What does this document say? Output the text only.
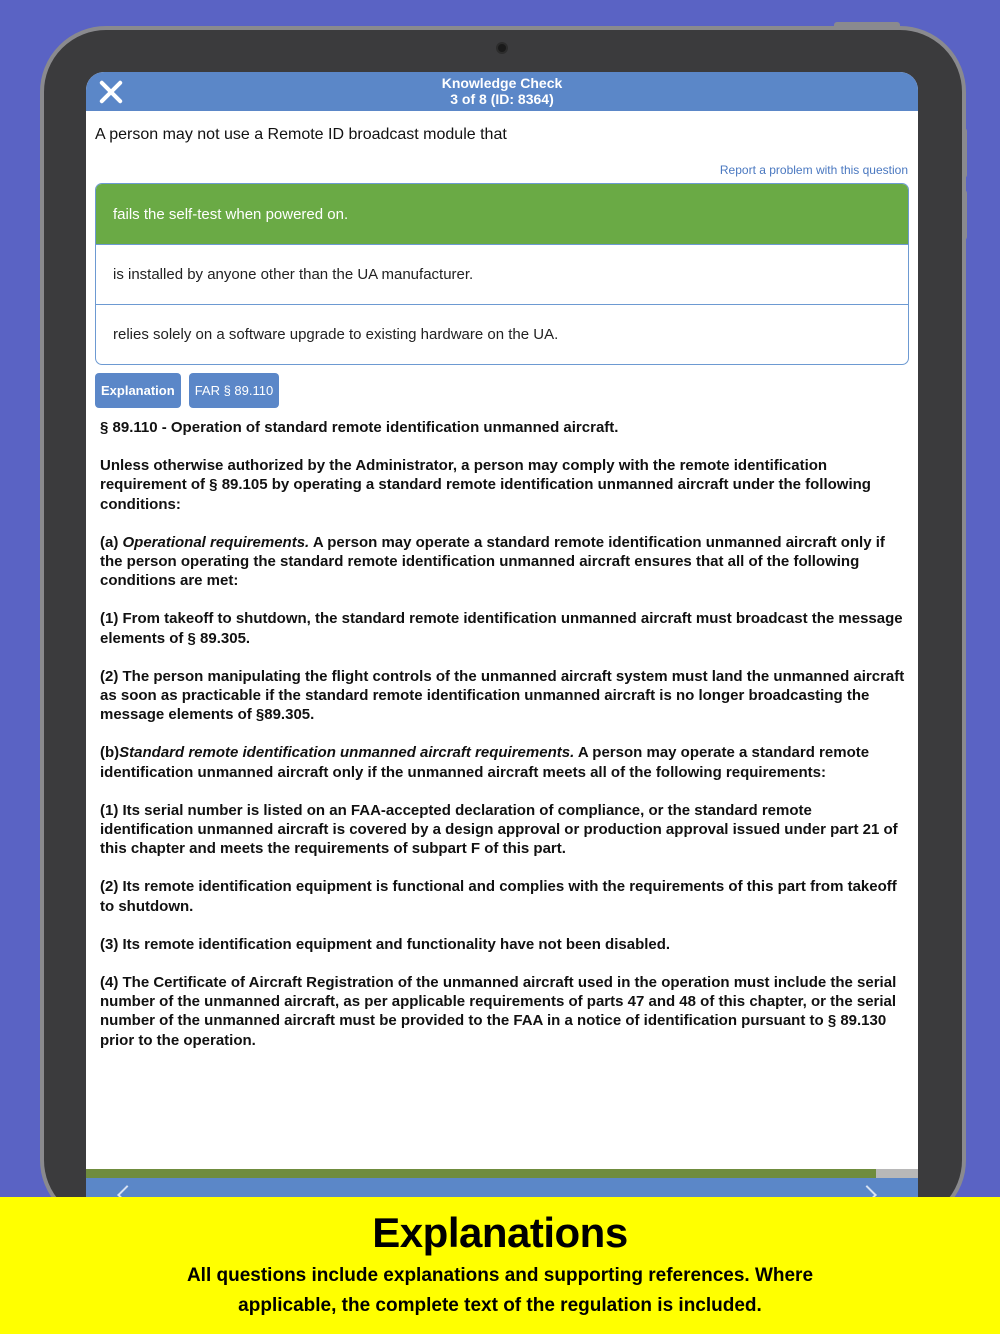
Knowledge Check
3 of 8 (ID: 8364)
A person may not use a Remote ID broadcast module that
Report a problem with this question
fails the self-test when powered on.
is installed by anyone other than the UA manufacturer.
relies solely on a software upgrade to existing hardware on the UA.
Explanation	FAR § 89.110

§ 89.110 - Operation of standard remote identification unmanned aircraft.

Unless otherwise authorized by the Administrator, a person may comply with the remote identification requirement of § 89.105 by operating a standard remote identification unmanned aircraft under the following conditions:

(a) Operational requirements. A person may operate a standard remote identification unmanned aircraft only if the person operating the standard remote identification unmanned aircraft ensures that all of the following conditions are met:

(1) From takeoff to shutdown, the standard remote identification unmanned aircraft must broadcast the message elements of § 89.305.

(2) The person manipulating the flight controls of the unmanned aircraft system must land the unmanned aircraft as soon as practicable if the standard remote identification unmanned aircraft is no longer broadcasting the message elements of §89.305.

(b)Standard remote identification unmanned aircraft requirements. A person may operate a standard remote identification unmanned aircraft only if the unmanned aircraft meets all of the following requirements:

(1) Its serial number is listed on an FAA-accepted declaration of compliance, or the standard remote identification unmanned aircraft is covered by a design approval or production approval issued under part 21 of this chapter and meets the requirements of subpart F of this part.

(2) Its remote identification equipment is functional and complies with the requirements of this part from takeoff to shutdown.

(3) Its remote identification equipment and functionality have not been disabled.

(4) The Certificate of Aircraft Registration of the unmanned aircraft used in the operation must include the serial number of the unmanned aircraft, as per applicable requirements of parts 47 and 48 of this chapter, or the serial number of the unmanned aircraft must be provided to the FAA in a notice of identification pursuant to § 89.130 prior to the operation.

Explanations
All questions include explanations and supporting references. Where
applicable, the complete text of the regulation is included.
